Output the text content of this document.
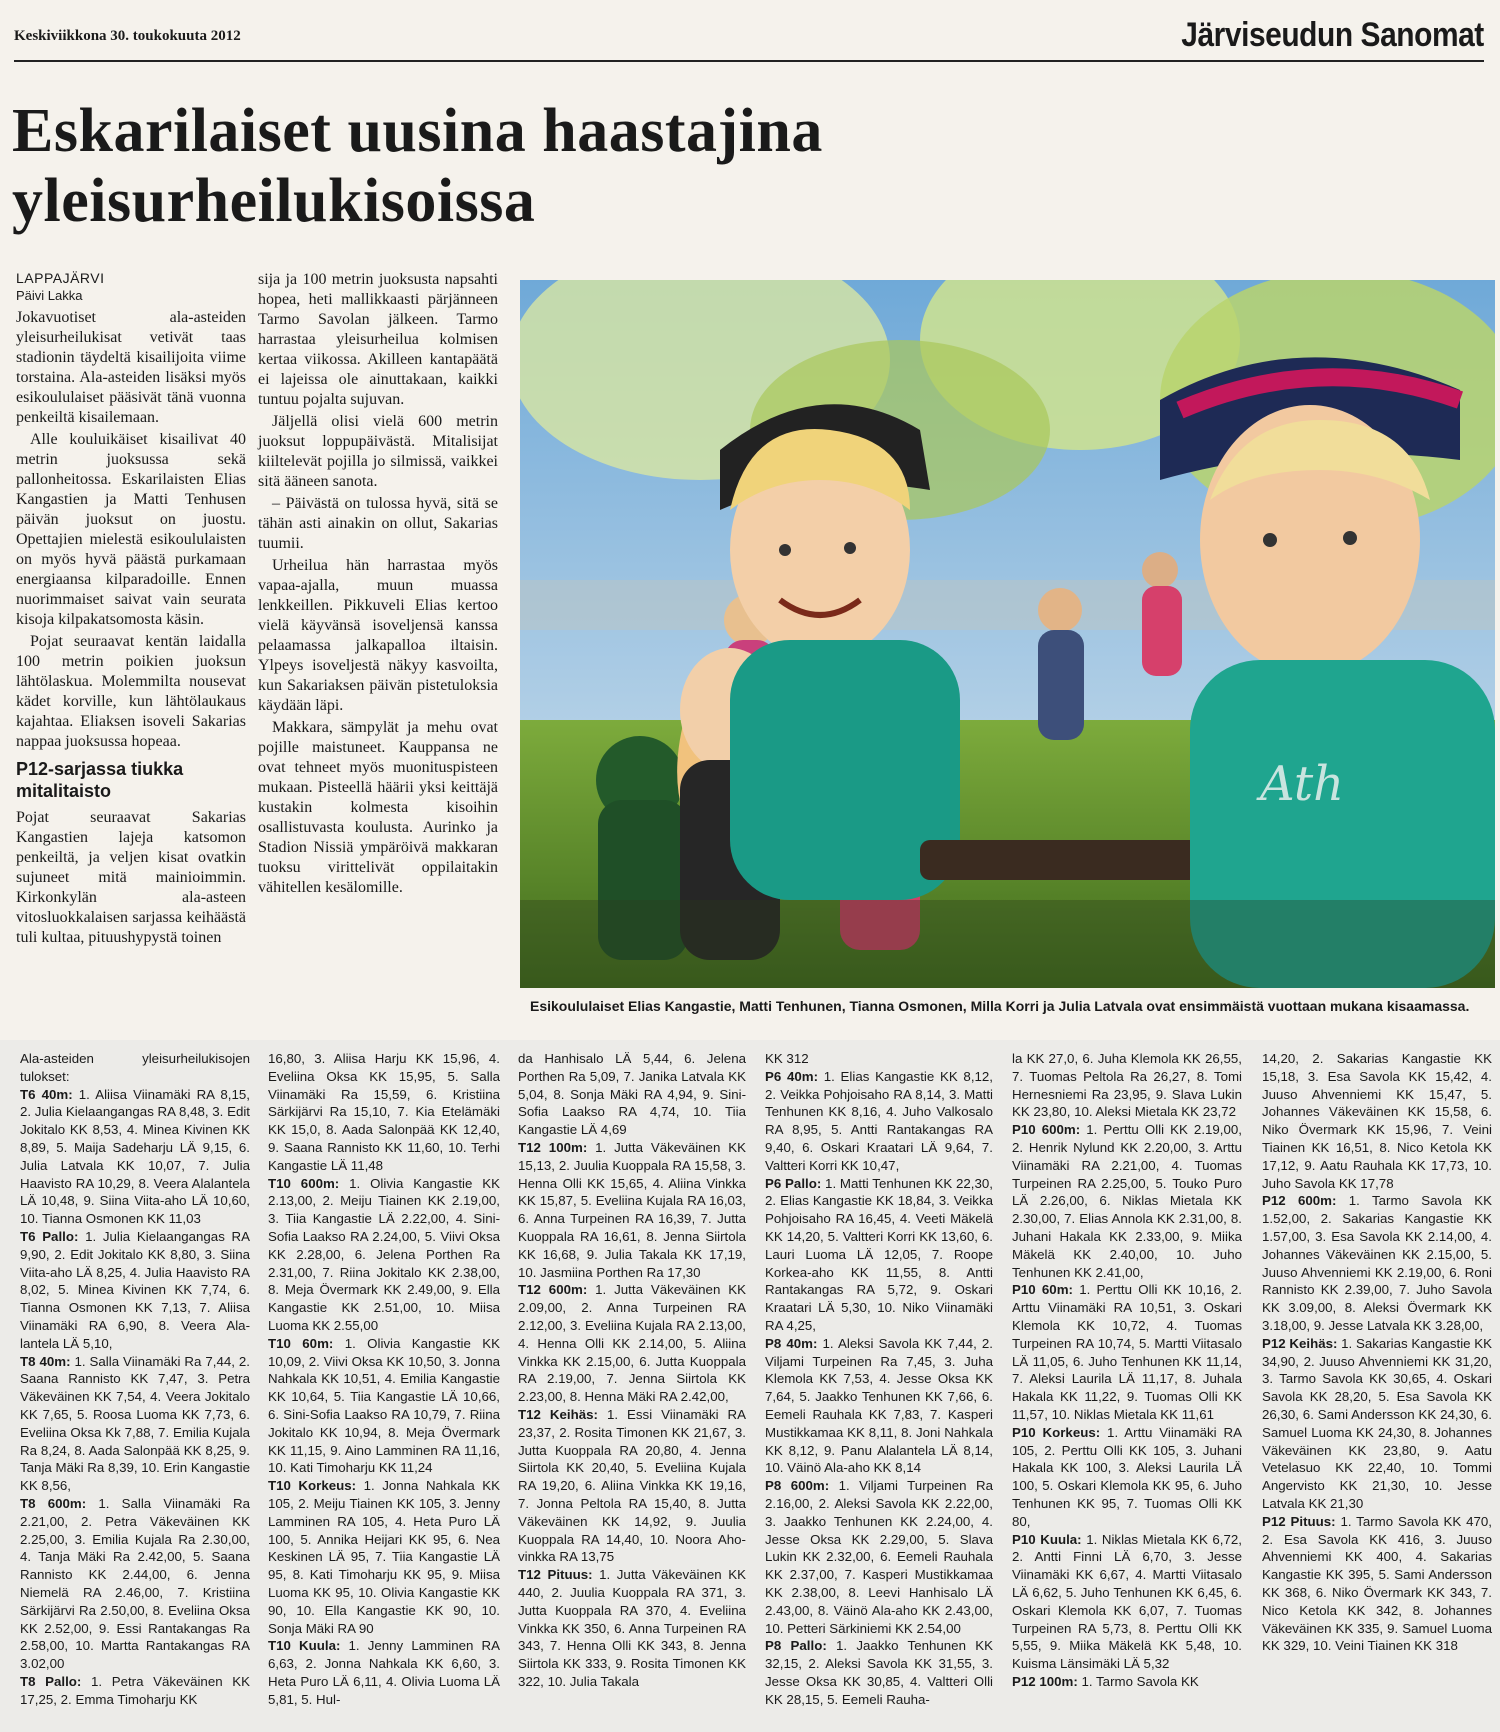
Keskiviikkona 30. toukokuuta 2012	Järviseudun Sanomat
Eskarilaiset uusina haastajina
yleisurheilukisoissa
LAPPAJÄRVI
Päivi Lakka

Jokavuotiset ala-asteiden yleisurheilukisat vetivät taas stadionin täydeltä kisailijoita viime torstaina. Ala-asteiden lisäksi myös esikoululaiset pääsivät tänä vuonna penkeiltä kisailemaan.

Alle kouluikäiset kisailivat 40 metrin juoksussa sekä pallonheitossa. Eskarilaisten Elias Kangastien ja Matti Tenhusen päivän juoksut on juostu. Opettajien mielestä esikoululaisten on myös hyvä päästä purkamaan energiaansa kilparadoille. Ennen nuorimmaiset saivat vain seurata kisoja kilpakatsomosta käsin.

Pojat seuraavat kentän laidalla 100 metrin poikien juoksun lähtölaskua. Molemmilta nousevat kädet korville, kun lähtölaukaus kajahtaa. Eliaksen isoveli Sakarias nappaa juoksussa hopeaa.

P12-sarjassa tiukka mitalitaisto

Pojat seuraavat Sakarias Kangastien lajeja katsomon penkeiltä, ja veljen kisat ovatkin sujuneet mitä mainioimmin. Kirkonkylän ala-asteen vitosluokkalaisen sarjassa keihäästä tuli kultaa, pituushypystä toinen

sija ja 100 metrin juoksusta napsahti hopea, heti mallikkaasti pärjänneen Tarmo Savolan jälkeen. Tarmo harrastaa yleisurheilua kolmisen kertaa viikossa. Akilleen kantapäätä ei lajeissa ole ainuttakaan, kaikki tuntuu pojalta sujuvan.

Jäljellä olisi vielä 600 metrin juoksut loppupäivästä. Mitalisijat kiiltelevät pojilla jo silmissä, vaikkei sitä ääneen sanota.

– Päivästä on tulossa hyvä, sitä se tähän asti ainakin on ollut, Sakarias tuumii.

Urheilua hän harrastaa myös vapaa-ajalla, muun muassa lenkkeillen. Pikkuveli Elias kertoo vielä käyvänsä isoveljensä kanssa pelaamassa jalkapalloa iltaisin. Ylpeys isoveljestä näkyy kasvoilta, kun Sakariaksen päivän pistetuloksia käydään läpi.

Makkara, sämpylät ja mehu ovat pojille maistuneet. Kauppansa ne ovat tehneet myös muonituspisteen mukaan. Pisteellä häärii yksi keittäjä kustakin kolmesta kisoihin osallistuvasta koulusta. Aurinko ja Stadion Nissiä ympäröivä makkaran tuoksu virittelivät oppilaitakin vähitellen kesälomille.

Ath
Esikoululaiset Elias Kangastie, Matti Tenhunen, Tianna Osmonen, Milla Korri ja Julia Latvala ovat ensimmäistä vuottaan mukana kisaamassa.

Ala-asteiden yleisurheilukisojen tulokset:

T6 40m: 1. Aliisa Viinamäki RA 8,15, 2. Julia Kielaangangas RA 8,48, 3. Edit Jokitalo KK 8,53, 4. Minea Kivinen KK 8,89, 5. Maija Sadeharju LÄ 9,15, 6. Julia Latvala KK 10,07, 7. Julia Haavisto RA 10,29, 8. Veera Alalantela LÄ 10,48, 9. Siina Viita-aho LÄ 10,60, 10. Tianna Osmonen KK 11,03

T6 Pallo: 1. Julia Kielaangangas RA 9,90, 2. Edit Jokitalo KK 8,80, 3. Siina Viita-aho LÄ 8,25, 4. Julia Haavisto RA 8,02, 5. Minea Kivinen KK 7,74, 6. Tianna Osmonen KK 7,13, 7. Aliisa Viinamäki RA 6,90, 8. Veera Ala-lantela LÄ 5,10,

T8 40m: 1. Salla Viinamäki Ra 7,44, 2. Saana Rannisto KK 7,47, 3. Petra Väkeväinen KK 7,54, 4. Veera Jokitalo KK 7,65, 5. Roosa Luoma KK 7,73, 6. Eveliina Oksa Kk 7,88, 7. Emilia Kujala Ra 8,24, 8. Aada Salonpää KK 8,25, 9. Tanja Mäki Ra 8,39, 10. Erin Kangastie KK 8,56,

T8 600m: 1. Salla Viinamäki Ra 2.21,00, 2. Petra Väkeväinen KK 2.25,00, 3. Emilia Kujala Ra 2.30,00, 4. Tanja Mäki Ra 2.42,00, 5. Saana Rannisto KK 2.44,00, 6. Jenna Niemelä RA 2.46,00, 7. Kristiina Särkijärvi Ra 2.50,00, 8. Eveliina Oksa KK 2.52,00, 9. Essi Rantakangas Ra 2.58,00, 10. Martta Rantakangas RA 3.02,00

T8 Pallo: 1. Petra Väkeväinen KK 17,25, 2. Emma Timoharju KK

16,80, 3. Aliisa Harju KK 15,96, 4. Eveliina Oksa KK 15,95, 5. Salla Viinamäki Ra 15,59, 6. Kristiina Särkijärvi Ra 15,10, 7. Kia Etelämäki KK 15,0, 8. Aada Salonpää KK 12,40, 9. Saana Rannisto KK 11,60, 10. Terhi Kangastie LÄ 11,48

T10 600m: 1. Olivia Kangastie KK 2.13,00, 2. Meiju Tiainen KK 2.19,00, 3. Tiia Kangastie LÄ 2.22,00, 4. Sini-Sofia Laakso RA 2.24,00, 5. Viivi Oksa KK 2.28,00, 6. Jelena Porthen Ra 2.31,00, 7. Riina Jokitalo KK 2.38,00, 8. Meja Övermark KK 2.49,00, 9. Ella Kangastie KK 2.51,00, 10. Miisa Luoma KK 2.55,00

T10 60m: 1. Olivia Kangastie KK 10,09, 2. Viivi Oksa KK 10,50, 3. Jonna Nahkala KK 10,51, 4. Emilia Kangastie KK 10,64, 5. Tiia Kangastie LÄ 10,66, 6. Sini-Sofia Laakso RA 10,79, 7. Riina Jokitalo KK 10,94, 8. Meja Övermark KK 11,15, 9. Aino Lamminen RA 11,16, 10. Kati Timoharju KK 11,24

T10 Korkeus: 1. Jonna Nahkala KK 105, 2. Meiju Tiainen KK 105, 3. Jenny Lamminen RA 105, 4. Heta Puro LÄ 100, 5. Annika Heijari KK 95, 6. Nea Keskinen LÄ 95, 7. Tiia Kangastie LÄ 95, 8. Kati Timoharju KK 95, 9. Miisa Luoma KK 95, 10. Olivia Kangastie KK 90, 10. Ella Kangastie KK 90, 10. Sonja Mäki RA 90

T10 Kuula: 1. Jenny Lamminen RA 6,63, 2. Jonna Nahkala KK 6,60, 3. Heta Puro LÄ 6,11, 4. Olivia Luoma LÄ 5,81, 5. Hul-

da Hanhisalo LÄ 5,44, 6. Jelena Porthen Ra 5,09, 7. Janika Latvala KK 5,04, 8. Sonja Mäki RA 4,94, 9. Sini-Sofia Laakso RA 4,74, 10. Tiia Kangastie LÄ 4,69

T12 100m: 1. Jutta Väkeväinen KK 15,13, 2. Juulia Kuoppala RA 15,58, 3. Henna Olli KK 15,65, 4. Aliina Vinkka KK 15,87, 5. Eveliina Kujala RA 16,03, 6. Anna Turpeinen RA 16,39, 7. Jutta Kuoppala RA 16,61, 8. Jenna Siirtola KK 16,68, 9. Julia Takala KK 17,19, 10. Jasmiina Porthen Ra 17,30

T12 600m: 1. Jutta Väkeväinen KK 2.09,00, 2. Anna Turpeinen RA 2.12,00, 3. Eveliina Kujala RA 2.13,00, 4. Henna Olli KK 2.14,00, 5. Aliina Vinkka KK 2.15,00, 6. Jutta Kuoppala RA 2.19,00, 7. Jenna Siirtola KK 2.23,00, 8. Henna Mäki RA 2.42,00,

T12 Keihäs: 1. Essi Viinamäki RA 23,37, 2. Rosita Timonen KK 21,67, 3. Jutta Kuoppala RA 20,80, 4. Jenna Siirtola KK 20,40, 5. Eveliina Kujala RA 19,20, 6. Aliina Vinkka KK 19,16, 7. Jonna Peltola RA 15,40, 8. Jutta Väkeväinen KK 14,92, 9. Juulia Kuoppala RA 14,40, 10. Noora Aho-vinkka RA 13,75

T12 Pituus: 1. Jutta Väkeväinen KK 440, 2. Juulia Kuoppala RA 371, 3. Jutta Kuoppala RA 370, 4. Eveliina Vinkka KK 350, 6. Anna Turpeinen RA 343, 7. Henna Olli KK 343, 8. Jenna Siirtola KK 333, 9. Rosita Timonen KK 322, 10. Julia Takala

KK 312

P6 40m: 1. Elias Kangastie KK 8,12, 2. Veikka Pohjoisaho RA 8,14, 3. Matti Tenhunen KK 8,16, 4. Juho Valkosalo RA 8,95, 5. Antti Rantakangas RA 9,40, 6. Oskari Kraatari LÄ 9,64, 7. Valtteri Korri KK 10,47,

P6 Pallo: 1. Matti Tenhunen KK 22,30, 2. Elias Kangastie KK 18,84, 3. Veikka Pohjoisaho RA 16,45, 4. Veeti Mäkelä KK 14,20, 5. Valtteri Korri KK 13,60, 6. Lauri Luoma LÄ 12,05, 7. Roope Korkea-aho KK 11,55, 8. Antti Rantakangas RA 5,72, 9. Oskari Kraatari LÄ 5,30, 10. Niko Viinamäki RA 4,25,

P8 40m: 1. Aleksi Savola KK 7,44, 2. Viljami Turpeinen Ra 7,45, 3. Juha Klemola KK 7,53, 4. Jesse Oksa KK 7,64, 5. Jaakko Tenhunen KK 7,66, 6. Eemeli Rauhala KK 7,83, 7. Kasperi Mustikkamaa KK 8,11, 8. Joni Nahkala KK 8,12, 9. Panu Alalantela LÄ 8,14, 10. Väinö Ala-aho KK 8,14

P8 600m: 1. Viljami Turpeinen Ra 2.16,00, 2. Aleksi Savola KK 2.22,00, 3. Jaakko Tenhunen KK 2.24,00, 4. Jesse Oksa KK 2.29,00, 5. Slava Lukin KK 2.32,00, 6. Eemeli Rauhala KK 2.37,00, 7. Kasperi Mustikkamaa KK 2.38,00, 8. Leevi Hanhisalo LÄ 2.43,00, 8. Väinö Ala-aho KK 2.43,00, 10. Petteri Särkiniemi KK 2.54,00

P8 Pallo: 1. Jaakko Tenhunen KK 32,15, 2. Aleksi Savola KK 31,55, 3. Jesse Oksa KK 30,85, 4. Valtteri Olli KK 28,15, 5. Eemeli Rauha-

la KK 27,0, 6. Juha Klemola KK 26,55, 7. Tuomas Peltola Ra 26,27, 8. Tomi Hernesniemi Ra 23,95, 9. Slava Lukin KK 23,80, 10. Aleksi Mietala KK 23,72

P10 600m: 1. Perttu Olli KK 2.19,00, 2. Henrik Nylund KK 2.20,00, 3. Arttu Viinamäki RA 2.21,00, 4. Tuomas Turpeinen RA 2.25,00, 5. Touko Puro LÄ 2.26,00, 6. Niklas Mietala KK 2.30,00, 7. Elias Annola KK 2.31,00, 8. Juhani Hakala KK 2.33,00, 9. Miika Mäkelä KK 2.40,00, 10. Juho Tenhunen KK 2.41,00,

P10 60m: 1. Perttu Olli KK 10,16, 2. Arttu Viinamäki RA 10,51, 3. Oskari Klemola KK 10,72, 4. Tuomas Turpeinen RA 10,74, 5. Martti Viitasalo LÄ 11,05, 6. Juho Tenhunen KK 11,14, 7. Aleksi Laurila LÄ 11,17, 8. Juhala Hakala KK 11,22, 9. Tuomas Olli KK 11,57, 10. Niklas Mietala KK 11,61

P10 Korkeus: 1. Arttu Viinamäki RA 105, 2. Perttu Olli KK 105, 3. Juhani Hakala KK 100, 3. Aleksi Laurila LÄ 100, 5. Oskari Klemola KK 95, 6. Juho Tenhunen KK 95, 7. Tuomas Olli KK 80,

P10 Kuula: 1. Niklas Mietala KK 6,72, 2. Antti Finni LÄ 6,70, 3. Jesse Viinamäki KK 6,67, 4. Martti Viitasalo LÄ 6,62, 5. Juho Tenhunen KK 6,45, 6. Oskari Klemola KK 6,07, 7. Tuomas Turpeinen RA 5,73, 8. Perttu Olli KK 5,55, 9. Miika Mäkelä KK 5,48, 10. Kuisma Länsimäki LÄ 5,32

P12 100m: 1. Tarmo Savola KK

14,20, 2. Sakarias Kangastie KK 15,18, 3. Esa Savola KK 15,42, 4. Juuso Ahvenniemi KK 15,47, 5. Johannes Väkeväinen KK 15,58, 6. Niko Övermark KK 15,96, 7. Veini Tiainen KK 16,51, 8. Nico Ketola KK 17,12, 9. Aatu Rauhala KK 17,73, 10. Juho Savola KK 17,78

P12 600m: 1. Tarmo Savola KK 1.52,00, 2. Sakarias Kangastie KK 1.57,00, 3. Esa Savola KK 2.14,00, 4. Johannes Väkeväinen KK 2.15,00, 5. Juuso Ahvenniemi KK 2.19,00, 6. Roni Rannisto KK 2.39,00, 7. Juho Savola KK 3.09,00, 8. Aleksi Övermark KK 3.18,00, 9. Jesse Latvala KK 3.28,00,

P12 Keihäs: 1. Sakarias Kangastie KK 34,90, 2. Juuso Ahvenniemi KK 31,20, 3. Tarmo Savola KK 30,65, 4. Oskari Savola KK 28,20, 5. Esa Savola KK 26,30, 6. Sami Andersson KK 24,30, 6. Samuel Luoma KK 24,30, 8. Johannes Väkeväinen KK 23,80, 9. Aatu Vetelasuo KK 22,40, 10. Tommi Angervisto KK 21,30, 10. Jesse Latvala KK 21,30

P12 Pituus: 1. Tarmo Savola KK 470, 2. Esa Savola KK 416, 3. Juuso Ahvenniemi KK 400, 4. Sakarias Kangastie KK 395, 5. Sami Andersson KK 368, 6. Niko Övermark KK 343, 7. Nico Ketola KK 342, 8. Johannes Väkeväinen KK 335, 9. Samuel Luoma KK 329, 10. Veini Tiainen KK 318
